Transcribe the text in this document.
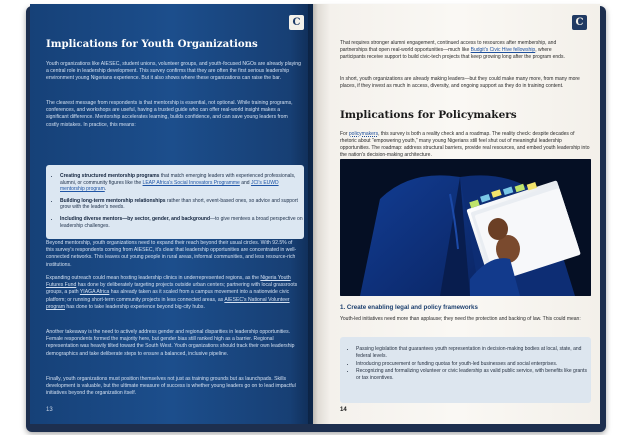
C
Implications for Youth Organizations
Youth organizations like AIESEC, student unions, volunteer groups, and youth-focused NGOs are already playing a central role in leadership development. This survey confirms that they are often the first serious leadership environment young Nigerians experience. But it also shows where these organizations can raise the bar.
The clearest message from respondents is that mentorship is essential, not optional. While training programs, conferences, and workshops are useful, having a trusted guide who can offer real-world insight makes a significant difference. Mentorship accelerates learning, builds confidence, and can save young leaders from costly mistakes. In practice, this means:
• Creating structured mentorship programs that match emerging leaders with experienced professionals, alumni, or community figures like the LEAP Africa's Social Innovators Programme and JCI's EUWD mentorship program.
• Building long-term mentorship relationships rather than short, event-based ones, so advice and support grow with the leader's needs.
• Including diverse mentors—by sector, gender, and background—to give mentees a broad perspective on leadership challenges.
Beyond mentorship, youth organizations need to expand their reach beyond their usual circles. With 92.5% of this survey's respondents coming from AIESEC, it's clear that leadership opportunities are concentrated in well-connected networks. This leaves out young people in rural areas, informal communities, and less resource-rich institutions.
Expanding outreach could mean hosting leadership clinics in underrepresented regions, as the Nigeria Youth Futures Fund has done by deliberately targeting projects outside urban centers; partnering with local grassroots groups, a path YIAGA Africa has already taken as it scaled from a campus movement into a nationwide civic platform; or running short-term community projects in less connected areas, as AIESEC's National Volunteer program has done to take leadership experience beyond big-city hubs.
Another takeaway is the need to actively address gender and regional disparities in leadership opportunities. Female respondents formed the majority here, but gender bias still ranked high as a barrier. Regional representation was heavily tilted toward the South West. Youth organizations should track their own leadership demographics and take deliberate steps to ensure a balanced, inclusive pipeline.
Finally, youth organizations must position themselves not just as training grounds but as launchpads. Skills development is valuable, but the ultimate measure of success is whether young leaders go on to lead impactful initiatives beyond the organization itself.
13
C
That requires stronger alumni engagement, continued access to resources after membership, and partnerships that open real-world opportunities—much like Budgit's Civic Hive fellowship, where participants receive support to build civic-tech projects that keep growing long after the program ends.
In short, youth organizations are already making leaders—but they could make many more, from many more places, if they invest as much in access, diversity, and ongoing support as they do in training content.
Implications for Policymakers
For policymakers, this survey is both a reality check and a roadmap. The reality check: despite decades of rhetoric about “empowering youth,” many young Nigerians still feel shut out of meaningful leadership opportunities. The roadmap: address structural barriers, provide real resources, and embed youth leadership into the nation's decision-making architecture.
1. Create enabling legal and policy frameworks
Youth-led initiatives need more than applause; they need the protection and backing of law. This could mean:
• Passing legislation that guarantees youth representation in decision-making bodies at local, state, and federal levels.
• Introducing procurement or funding quotas for youth-led businesses and social enterprises.
• Recognizing and formalizing volunteer or civic leadership as valid public service, with benefits like grants or tax incentives.
14
